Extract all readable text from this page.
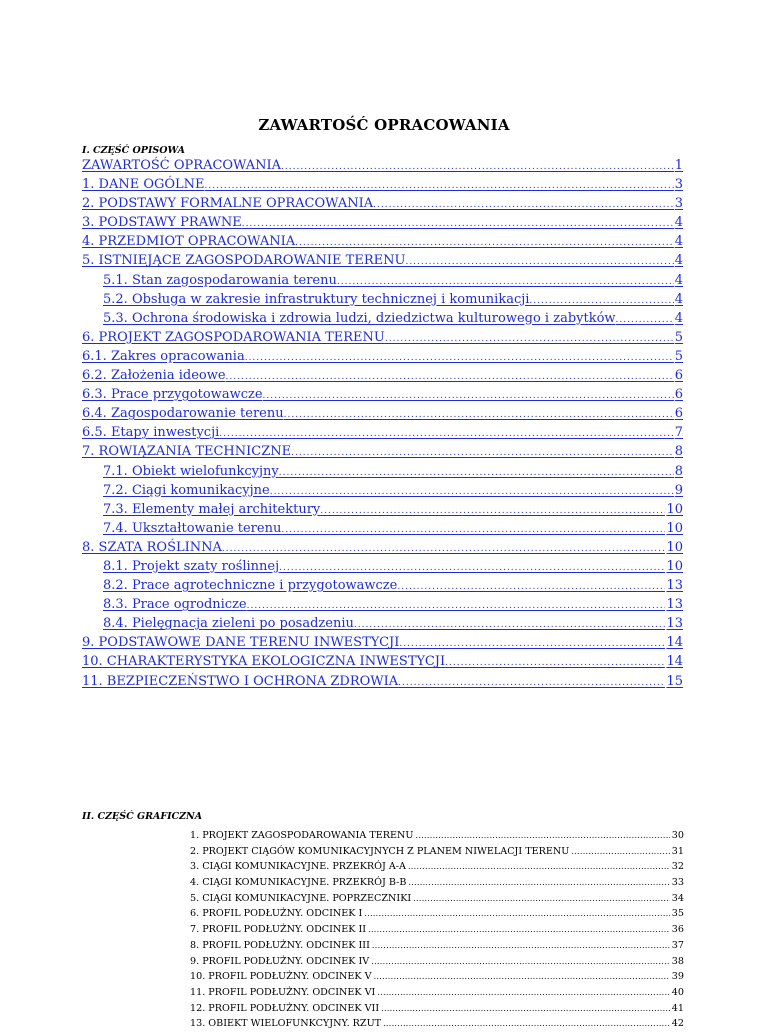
ZAWARTOŚĆ OPRACOWANIA
I. CZĘŚĆ OPISOWA
ZAWARTOŚĆ OPRACOWANIA .....	1
1. DANE OGÓLNE .....	3
2. PODSTAWY FORMALNE OPRACOWANIA .....	3
3. PODSTAWY PRAWNE .....	4
4. PRZEDMIOT OPRACOWANIA .....	4
5. ISTNIEJĄCE ZAGOSPODAROWANIE TERENU .....	4
5.1. Stan zagospodarowania terenu .....	4
5.2. Obsługa w zakresie infrastruktury technicznej i komunikacji .....	4
5.3. Ochrona środowiska i zdrowia ludzi, dziedzictwa kulturowego i zabytków .....	4
6. PROJEKT ZAGOSPODAROWANIA TERENU .....	5
6.1. Zakres opracowania .....	5
6.2. Założenia ideowe .....	6
6.3. Prace przygotowawcze .....	6
6.4. Zagospodarowanie terenu .....	6
6.5. Etapy inwestycji .....	7
7. ROWIĄZANIA TECHNICZNE .....	8
7.1. Obiekt wielofunkcyjny .....	8
7.2. Ciągi komunikacyjne .....	9
7.3. Elementy małej architektury .....	10
7.4. Ukształtowanie terenu .....	10
8. SZATA ROŚLINNA .....	10
8.1. Projekt szaty roślinnej .....	10
8.2. Prace agrotechniczne i przygotowawcze .....	13
8.3. Prace ogrodnicze .....	13
8.4. Pielęgnacja zieleni po posadzeniu .....	13
9. PODSTAWOWE DANE TERENU INWESTYCJI .....	14
10. CHARAKTERYSTYKA EKOLOGICZNA INWESTYCJI .....	14
11. BEZPIECZEŃSTWO I OCHRONA ZDROWIA .....	15
II. CZĘŚĆ GRAFICZNA
1. PROJEKT ZAGOSPODAROWANIA TERENU .....	30
2. PROJEKT CIĄGÓW KOMUNIKACYJNYCH Z PLANEM NIWELACJI TERENU .....	31
3. CIĄGI KOMUNIKACYJNE. PRZEKRÓJ A-A .....	32
4. CIĄGI KOMUNIKACYJNE. PRZEKRÓJ B-B .....	33
5. CIĄGI KOMUNIKACYJNE. POPRZECZNIKI .....	34
6. PROFIL PODŁUŻNY. ODCINEK I .....	35
7. PROFIL PODŁUŻNY. ODCINEK II .....	36
8. PROFIL PODŁUŻNY. ODCINEK III .....	37
9. PROFIL PODŁUŻNY. ODCINEK IV .....	38
10. PROFIL PODŁUŻNY. ODCINEK V .....	39
11. PROFIL PODŁUŻNY. ODCINEK VI .....	40
12. PROFIL PODŁUŻNY. ODCINEK VII .....	41
13. OBIEKT WIELOFUNKCYJNY. RZUT .....	42
